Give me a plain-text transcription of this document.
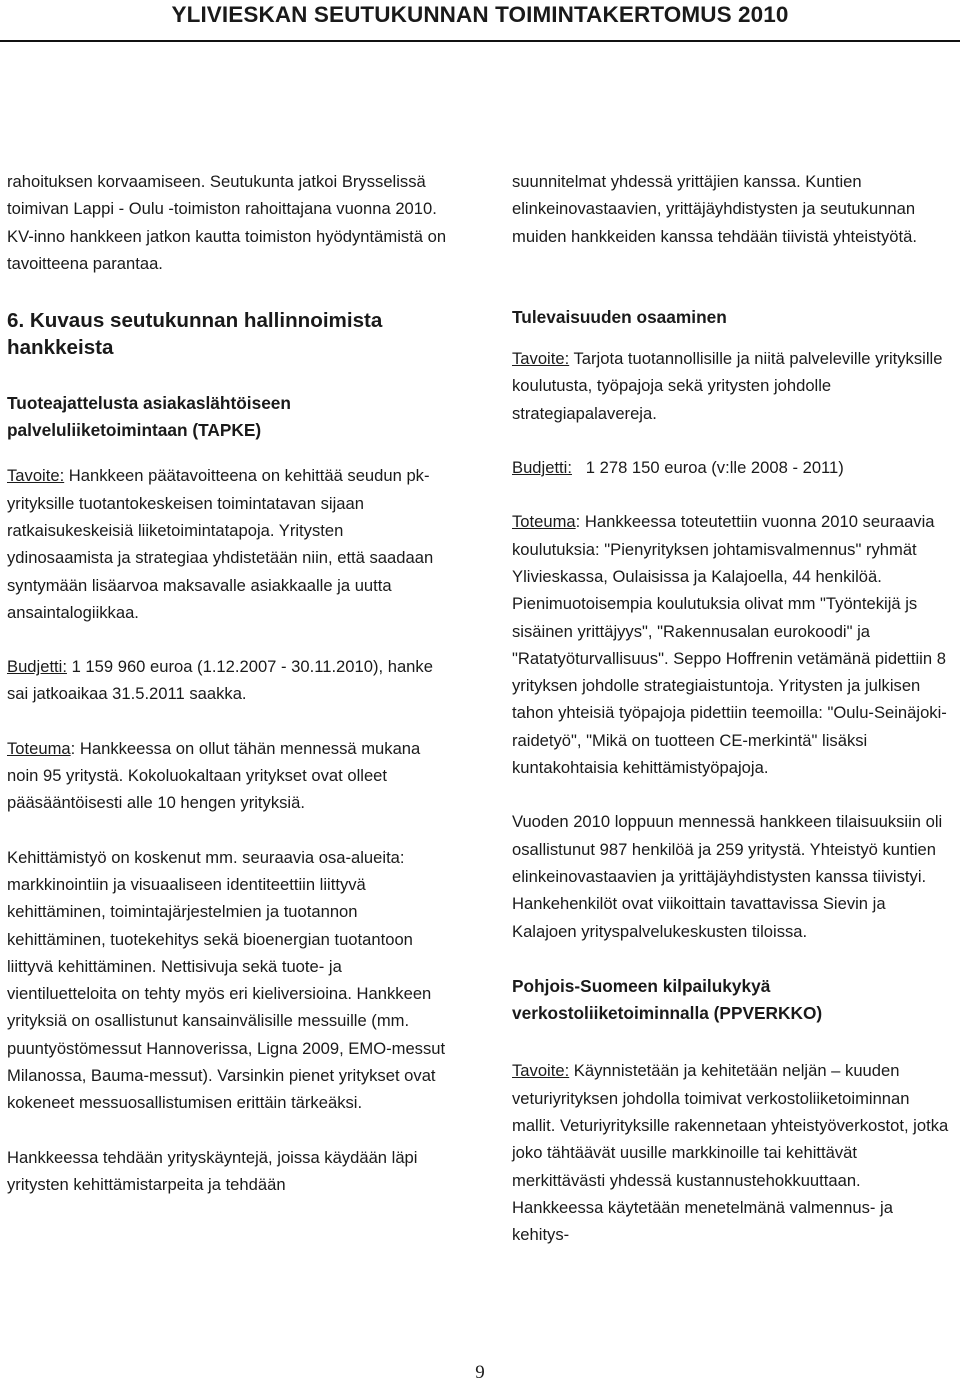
YLIVIESKAN SEUTUKUNNAN TOIMINTAKERTOMUS 2010

rahoituksen korvaamiseen. Seutukunta jatkoi Brysselissä toimivan Lappi - Oulu -toimiston rahoittajana vuonna 2010. KV-inno hankkeen jatkon kautta toimiston hyödyntämistä on tavoitteena parantaa.

6. Kuvaus seutukunnan hallinnoimista hankkeista
Tuoteajattelusta asiakaslähtöiseen palveluliiketoimintaan (TAPKE)

Tavoite: Hankkeen päätavoitteena on kehittää seudun pk-yrityksille tuotantokeskeisen toimintatavan sijaan ratkaisukeskeisiä liiketoimintatapoja. Yritysten ydinosaamista ja strategiaa yhdistetään niin, että saadaan syntymään lisäarvoa maksavalle asiakkaalle ja uutta ansaintalogiikkaa.

Budjetti: 1 159 960 euroa (1.12.2007 - 30.11.2010), hanke sai jatkoaikaa 31.5.2011 saakka.

Toteuma: Hankkeessa on ollut tähän mennessä mukana noin 95 yritystä. Kokoluokaltaan yritykset ovat olleet pääsääntöisesti alle 10 hengen yrityksiä.

Kehittämistyö on koskenut mm. seuraavia osa-alueita: markkinointiin ja visuaaliseen identiteettiin liittyvä kehittäminen, toimintajärjestelmien ja tuotannon kehittäminen, tuotekehitys sekä bioenergian tuotantoon liittyvä kehittäminen. Nettisivuja sekä tuote- ja vientiluetteloita on tehty myös eri kieliversioina. Hankkeen yrityksiä on osallistunut kansainvälisille messuille (mm. puuntyöstömessut Hannoverissa, Ligna 2009, EMO-messut Milanossa, Bauma-messut). Varsinkin pienet yritykset ovat kokeneet messuosallistumisen erittäin tärkeäksi.

Hankkeessa tehdään yrityskäyntejä, joissa käydään läpi yritysten kehittämistarpeita ja tehdään

suunnitelmat yhdessä yrittäjien kanssa. Kuntien elinkeinovastaavien, yrittäjäyhdistysten ja seutukunnan muiden hankkeiden kanssa tehdään tiivistä yhteistyötä.

Tulevaisuuden osaaminen

Tavoite: Tarjota tuotannollisille ja niitä palveleville yrityksille koulutusta, työpajoja sekä yritysten johdolle strategiapalavereja.

Budjetti:   1 278 150 euroa (v:lle 2008 - 2011)

Toteuma: Hankkeessa toteutettiin vuonna 2010 seuraavia koulutuksia: "Pienyrityksen johtamisvalmennus" ryhmät Ylivieskassa, Oulaisissa ja Kalajoella, 44 henkilöä. Pienimuotoisempia koulutuksia olivat mm "Työntekijä js sisäinen yrittäjyys", "Rakennusalan eurokoodi" ja "Ratatyöturvallisuus". Seppo Hoffrenin vetämänä pidettiin 8 yrityksen johdolle strategiaistuntoja. Yritysten ja julkisen tahon yhteisiä työpajoja pidettiin teemoilla: "Oulu-Seinäjoki-raidetyö", "Mikä on tuotteen CE-merkintä" lisäksi kuntakohtaisia kehittämistyöpajoja.

Vuoden 2010 loppuun mennessä hankkeen tilaisuuksiin oli osallistunut 987 henkilöä ja 259 yritystä. Yhteistyö kuntien elinkeinovastaavien ja yrittäjäyhdistysten kanssa tiivistyi. Hankehenkilöt ovat viikoittain tavattavissa Sievin ja Kalajoen yrityspalvelukeskusten tiloissa.

Pohjois-Suomeen kilpailukykyä verkostoliiketoiminnalla (PPVERKKO)

Tavoite: Käynnistetään ja kehitetään neljän – kuuden veturiyrityksen johdolla toimivat verkostoliiketoiminnan mallit. Veturiyrityksille rakennetaan yhteistyöverkostot, jotka joko tähtäävät uusille markkinoille tai kehittävät merkittävästi yhdessä kustannustehokkuuttaan. Hankkeessa käytetään menetelmänä valmennus- ja kehitys-

9
